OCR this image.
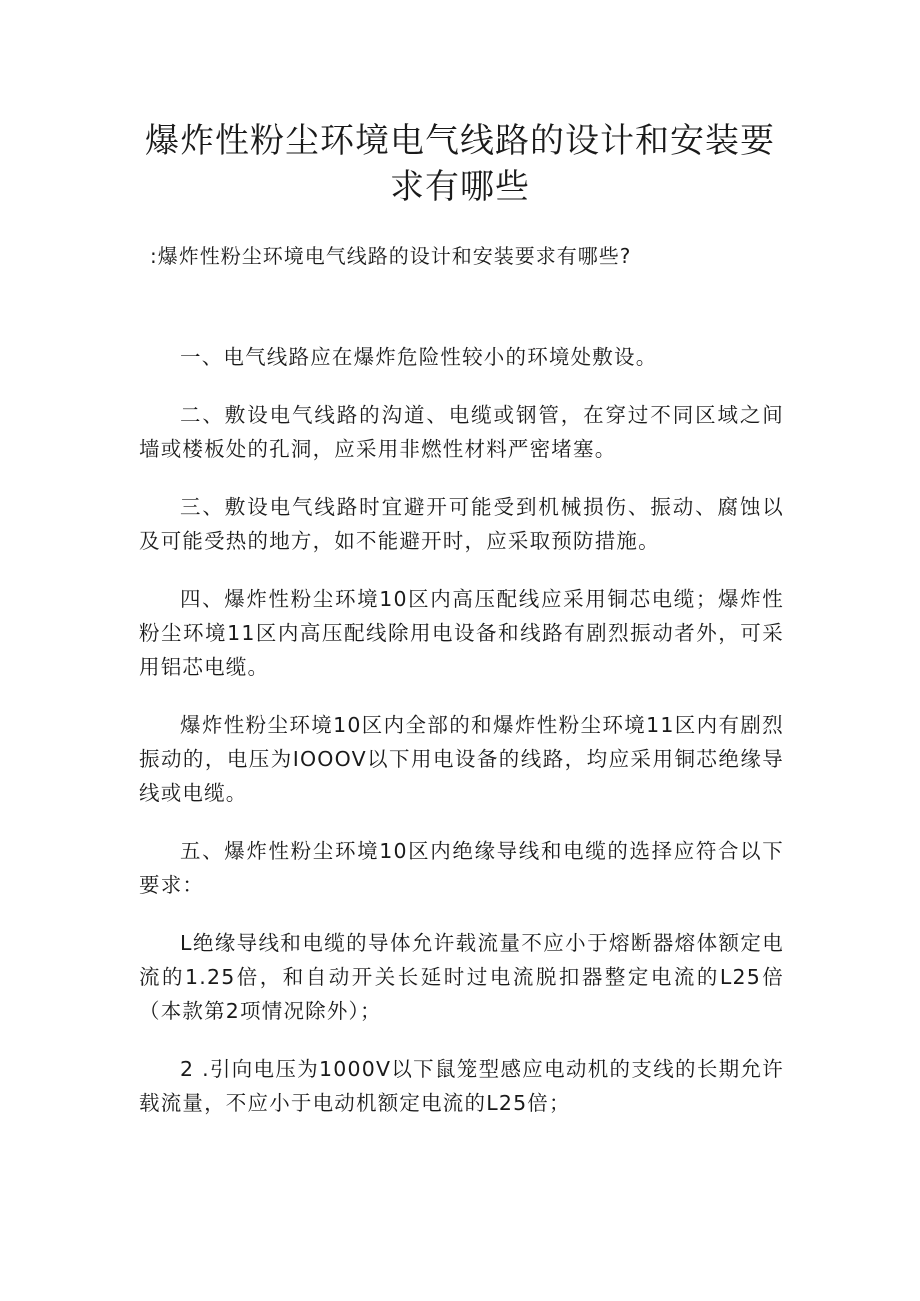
爆炸性粉尘环境电气线路的设计和安装要
求有哪些

:爆炸性粉尘环境电气线路的设计和安装要求有哪些?

一、电气线路应在爆炸危险性较小的环境处敷设。

二、敷设电气线路的沟道、电缆或钢管，在穿过不同区域之间墙或楼板处的孔洞，应采用非燃性材料严密堵塞。

三、敷设电气线路时宜避开可能受到机械损伤、振动、腐蚀以及可能受热的地方，如不能避开时，应采取预防措施。

四、爆炸性粉尘环境10区内高压配线应采用铜芯电缆；爆炸性粉尘环境11区内高压配线除用电设备和线路有剧烈振动者外，可采用铝芯电缆。

爆炸性粉尘环境10区内全部的和爆炸性粉尘环境11区内有剧烈振动的，电压为IOOOV以下用电设备的线路，均应采用铜芯绝缘导线或电缆。

五、爆炸性粉尘环境10区内绝缘导线和电缆的选择应符合以下要求：

L绝缘导线和电缆的导体允许载流量不应小于熔断器熔体额定电流的1.25倍，和自动开关长延时过电流脱扣器整定电流的L25倍（本款第2项情况除外）；

2 .引向电压为1000V以下鼠笼型感应电动机的支线的长期允许载流量，不应小于电动机额定电流的L25倍；
